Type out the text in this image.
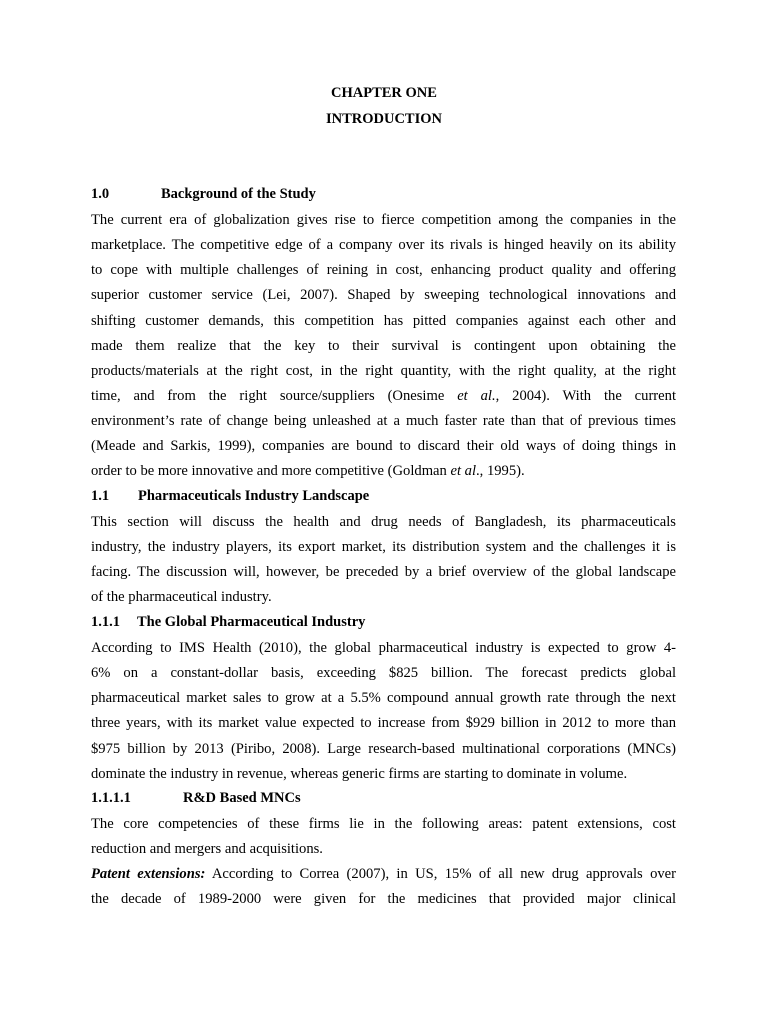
CHAPTER ONE
INTRODUCTION
1.0	Background of the Study
The current era of globalization gives rise to fierce competition among the companies in the
marketplace. The competitive edge of a company over its rivals is hinged heavily on its ability
to cope with multiple challenges of reining in cost, enhancing product quality and offering
superior customer service (Lei, 2007). Shaped by sweeping technological innovations and
shifting customer demands, this competition has pitted companies against each other and
made them realize that the key to their survival is contingent upon obtaining the
products/materials at the right cost, in the right quantity, with the right quality, at the right
time, and from the right source/suppliers (Onesime et al., 2004). With the current
environment’s rate of change being unleashed at a much faster rate than that of previous times
(Meade and Sarkis, 1999), companies are bound to discard their old ways of doing things in
order to be more innovative and more competitive (Goldman et al., 1995).
1.1 Pharmaceuticals Industry Landscape
This section will discuss the health and drug needs of Bangladesh, its pharmaceuticals
industry, the industry players, its export market, its distribution system and the challenges it is
facing. The discussion will, however, be preceded by a brief overview of the global landscape
of the pharmaceutical industry.
1.1.1 The Global Pharmaceutical Industry
According to IMS Health (2010), the global pharmaceutical industry is expected to grow 4-
6% on a constant-dollar basis, exceeding $825 billion. The forecast predicts global
pharmaceutical market sales to grow at a 5.5% compound annual growth rate through the next
three years, with its market value expected to increase from $929 billion in 2012 to more than
$975 billion by 2013 (Piribo, 2008). Large research-based multinational corporations (MNCs)
dominate the industry in revenue, whereas generic firms are starting to dominate in volume.
1.1.1.1	R&D Based MNCs
The core competencies of these firms lie in the following areas: patent extensions, cost
reduction and mergers and acquisitions.
Patent extensions: According to Correa (2007), in US, 15% of all new drug approvals over
the decade of 1989-2000 were given for the medicines that provided major clinical
